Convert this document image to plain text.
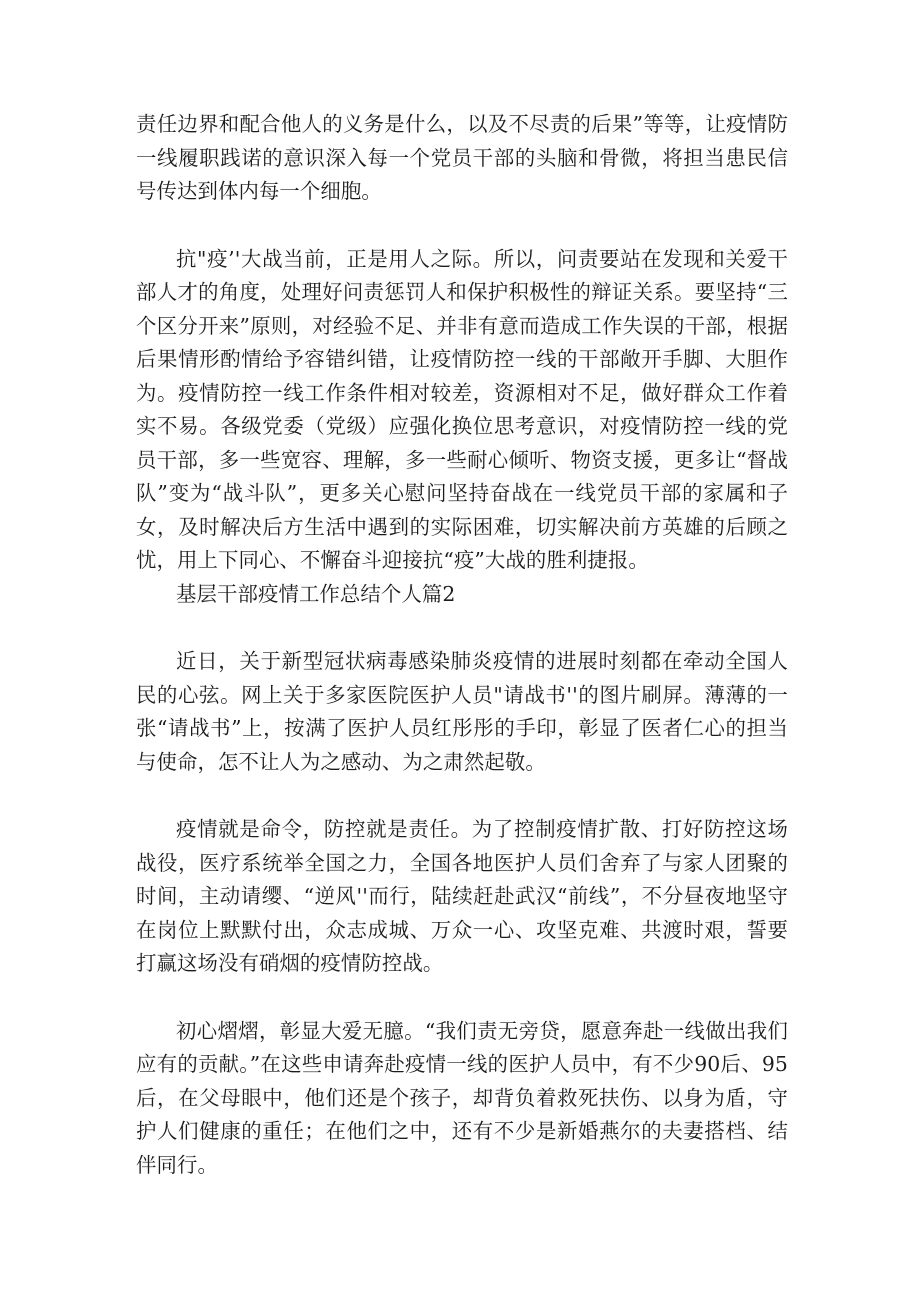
责任边界和配合他人的义务是什么，以及不尽责的后果”等等，让疫情防一线履职践诺的意识深入每一个党员干部的头脑和骨微，将担当患民信号传达到体内每一个细胞。

抗"疫’'大战当前，正是用人之际。所以，问责要站在发现和关爱干部人才的角度，处理好问责惩罚人和保护积极性的辩证关系。要坚持“三个区分开来”原则，对经验不足、并非有意而造成工作失误的干部，根据后果情形酌情给予容错纠错，让疫情防控一线的干部敞开手脚、大胆作为。疫情防控一线工作条件相对较差，资源相对不足，做好群众工作着实不易。各级党委（党级）应强化换位思考意识，对疫情防控一线的党员干部，多一些宽容、理解，多一些耐心倾听、物资支援，更多让“督战队”变为“战斗队”，更多关心慰问坚持奋战在一线党员干部的家属和子女，及时解决后方生活中遇到的实际困难，切实解决前方英雄的后顾之忧，用上下同心、不懈奋斗迎接抗“疫”大战的胜利捷报。

基层干部疫情工作总结个人篇2

近日，关于新型冠状病毒感染肺炎疫情的进展时刻都在牵动全国人民的心弦。网上关于多家医院医护人员"请战书''的图片刷屏。薄薄的一张“请战书”上，按满了医护人员红彤彤的手印，彰显了医者仁心的担当与使命，怎不让人为之感动、为之肃然起敬。

疫情就是命令，防控就是责任。为了控制疫情扩散、打好防控这场战役，医疗系统举全国之力，全国各地医护人员们舍弃了与家人团聚的时间，主动请缨、“逆风''而行，陆续赶赴武汉“前线”，不分昼夜地坚守在岗位上默默付出，众志成城、万众一心、攻坚克难、共渡时艰，誓要打赢这场没有硝烟的疫情防控战。

初心熠熠，彰显大爱无臆。“我们责无旁贷，愿意奔赴一线做出我们应有的贡献。”在这些申请奔赴疫情一线的医护人员中，有不少90后、95后，在父母眼中，他们还是个孩子，却背负着救死扶伤、以身为盾，守护人们健康的重任；在他们之中，还有不少是新婚燕尔的夫妻搭档、结伴同行。
